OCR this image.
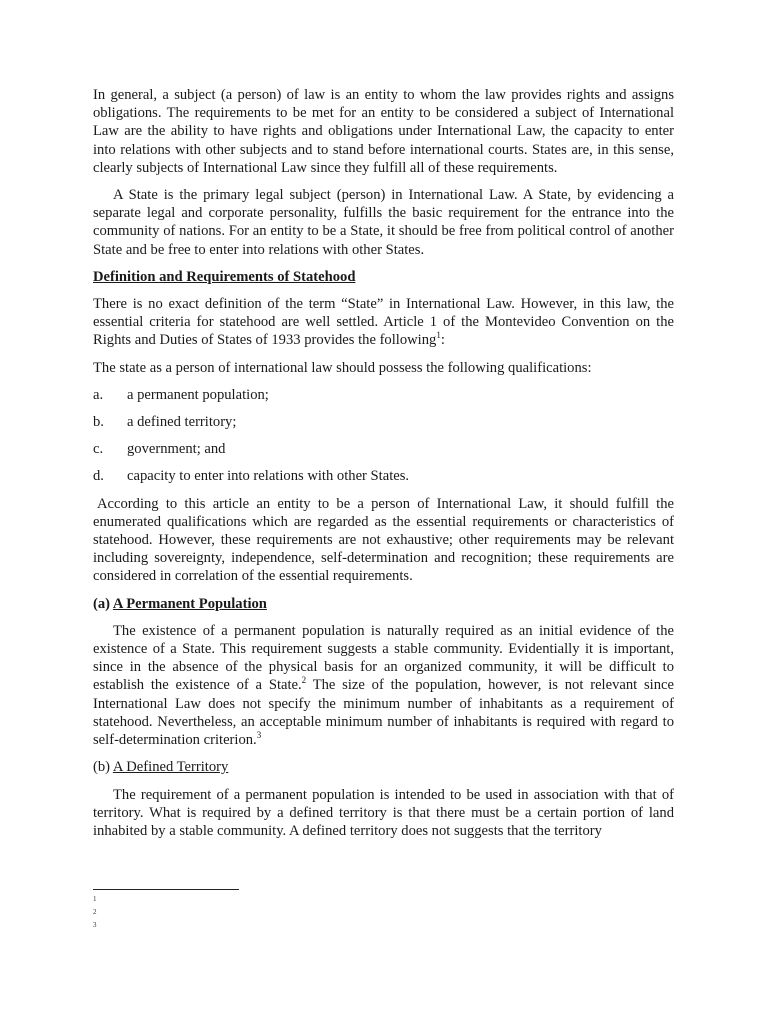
In general, a subject (a person) of law is an entity to whom the law provides rights and assigns obligations. The requirements to be met for an entity to be considered a subject of International Law are the ability to have rights and obligations under International Law, the capacity to enter into relations with other subjects and to stand before international courts. States are, in this sense, clearly subjects of International Law since they fulfill all of these requirements.

A State is the primary legal subject (person) in International Law. A State, by evidencing a separate legal and corporate personality, fulfills the basic requirement for the entrance into the community of nations. For an entity to be a State, it should be free from political control of another State and be free to enter into relations with other States.

Definition and Requirements of Statehood

There is no exact definition of the term “State” in International Law. However, in this law, the essential criteria for statehood are well settled. Article 1 of the Montevideo Convention on the Rights and Duties of States of 1933 provides the following$^1$:

The state as a person of international law should possess the following qualifications:

a.	a permanent population;
b.	a defined territory;
c.	government; and
d.	capacity to enter into relations with other States.

According to this article an entity to be a person of International Law, it should fulfill the enumerated qualifications which are regarded as the essential requirements or characteristics of statehood. However, these requirements are not exhaustive; other requirements may be relevant including sovereignty, independence, self-determination and recognition; these requirements are considered in correlation of the essential requirements.

(a) A Permanent Population

The existence of a permanent population is naturally required as an initial evidence of the existence of a State. This requirement suggests a stable community. Evidentially it is important, since in the absence of the physical basis for an organized community, it will be difficult to establish the existence of a State.$^2$ The size of the population, however, is not relevant since International Law does not specify the minimum number of inhabitants as a requirement of statehood. Nevertheless, an acceptable minimum number of inhabitants is required with regard to self-determination criterion.$^3$

(b) A Defined Territory

The requirement of a permanent population is intended to be used in association with that of territory. What is required by a defined territory is that there must be a certain portion of land inhabited by a stable community. A defined territory does not suggests that the territory

1
2
3
